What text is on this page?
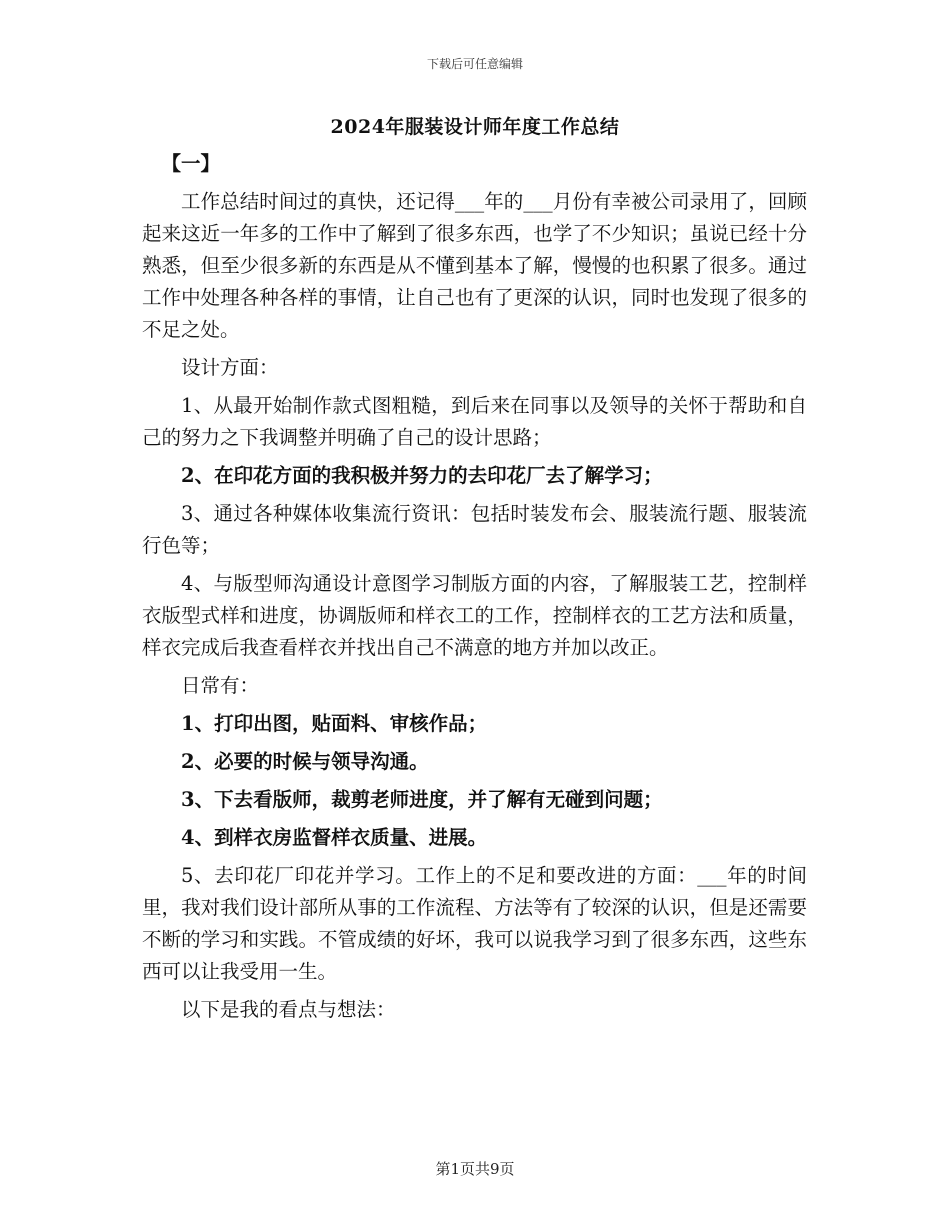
下载后可任意编辑
2024年服装设计师年度工作总结
【一】

工作总结时间过的真快，还记得___年的___月份有幸被公司录用了，回顾起来这近一年多的工作中了解到了很多东西，也学了不少知识；虽说已经十分熟悉，但至少很多新的东西是从不懂到基本了解，慢慢的也积累了很多。通过工作中处理各种各样的事情，让自己也有了更深的认识，同时也发现了很多的不足之处。

设计方面：

1、从最开始制作款式图粗糙，到后来在同事以及领导的关怀于帮助和自己的努力之下我调整并明确了自己的设计思路；

2、在印花方面的我积极并努力的去印花厂去了解学习；

3、通过各种媒体收集流行资讯：包括时装发布会、服装流行题、服装流行色等；

4、与版型师沟通设计意图学习制版方面的内容，了解服装工艺，控制样衣版型式样和进度，协调版师和样衣工的工作，控制样衣的工艺方法和质量，样衣完成后我查看样衣并找出自己不满意的地方并加以改正。

日常有：

1、打印出图，贴面料、审核作品；

2、必要的时候与领导沟通。

3、下去看版师，裁剪老师进度，并了解有无碰到问题；

4、到样衣房监督样衣质量、进展。

5、去印花厂印花并学习。工作上的不足和要改进的方面：___年的时间里，我对我们设计部所从事的工作流程、方法等有了较深的认识，但是还需要不断的学习和实践。不管成绩的好坏，我可以说我学习到了很多东西，这些东西可以让我受用一生。

以下是我的看点与想法：

第1页共9页
